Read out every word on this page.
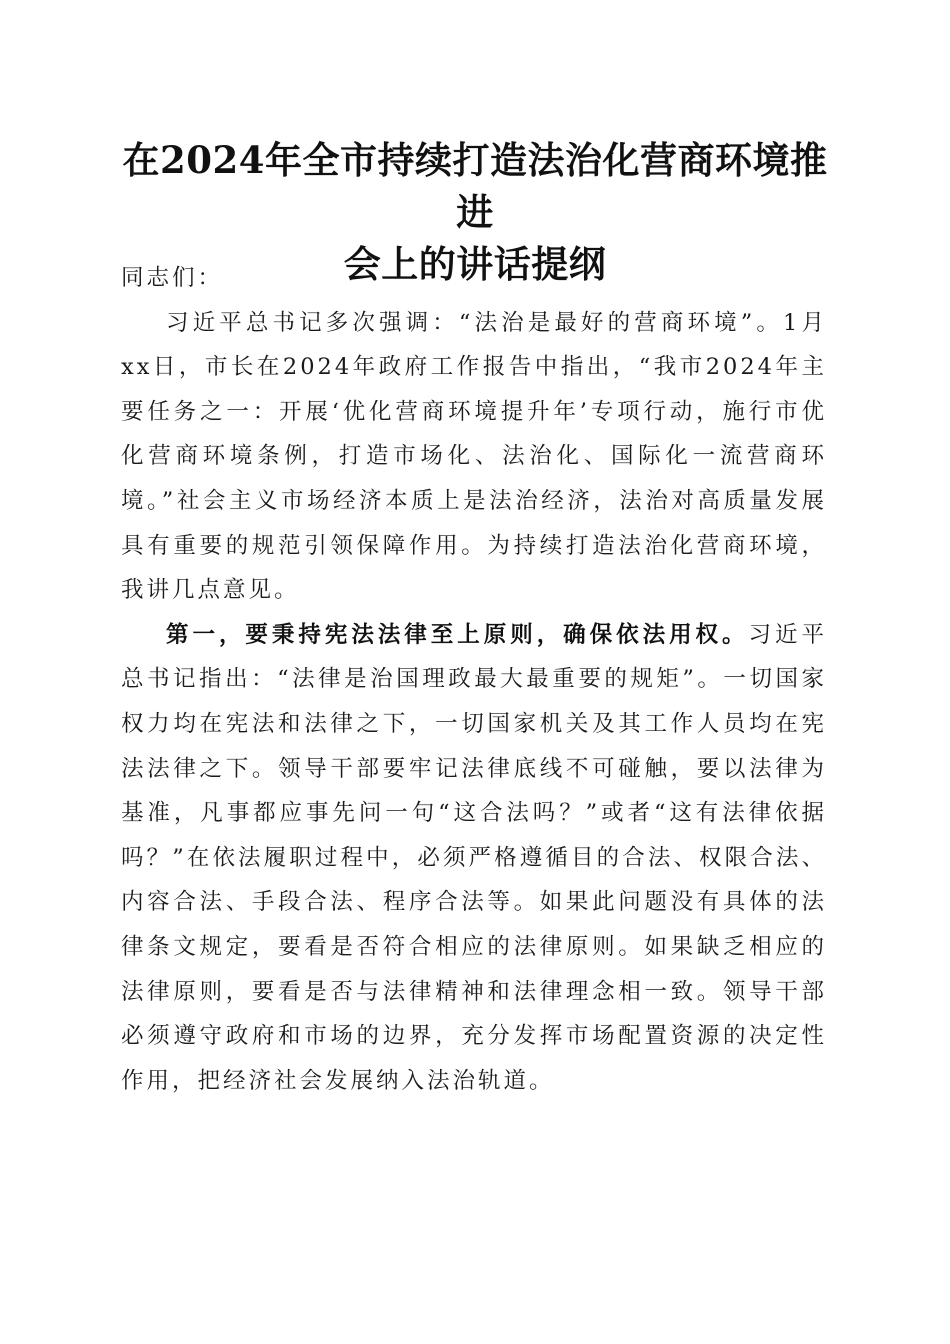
在2024年全市持续打造法治化营商环境推进
会上的讲话提纲

同志们：

习近平总书记多次强调：“法治是最好的营商环境”。1月xx日，市长在2024年政府工作报告中指出，“我市2024年主要任务之一：开展‘优化营商环境提升年’专项行动，施行市优化营商环境条例，打造市场化、法治化、国际化一流营商环境。”社会主义市场经济本质上是法治经济，法治对高质量发展具有重要的规范引领保障作用。为持续打造法治化营商环境，我讲几点意见。

第一，要秉持宪法法律至上原则，确保依法用权。习近平总书记指出：“法律是治国理政最大最重要的规矩”。一切国家权力均在宪法和法律之下，一切国家机关及其工作人员均在宪法法律之下。领导干部要牢记法律底线不可碰触，要以法律为基准，凡事都应事先问一句“这合法吗？”或者“这有法律依据吗？”在依法履职过程中，必须严格遵循目的合法、权限合法、内容合法、手段合法、程序合法等。如果此问题没有具体的法律条文规定，要看是否符合相应的法律原则。如果缺乏相应的法律原则，要看是否与法律精神和法律理念相一致。领导干部必须遵守政府和市场的边界，充分发挥市场配置资源的决定性作用，把经济社会发展纳入法治轨道。
